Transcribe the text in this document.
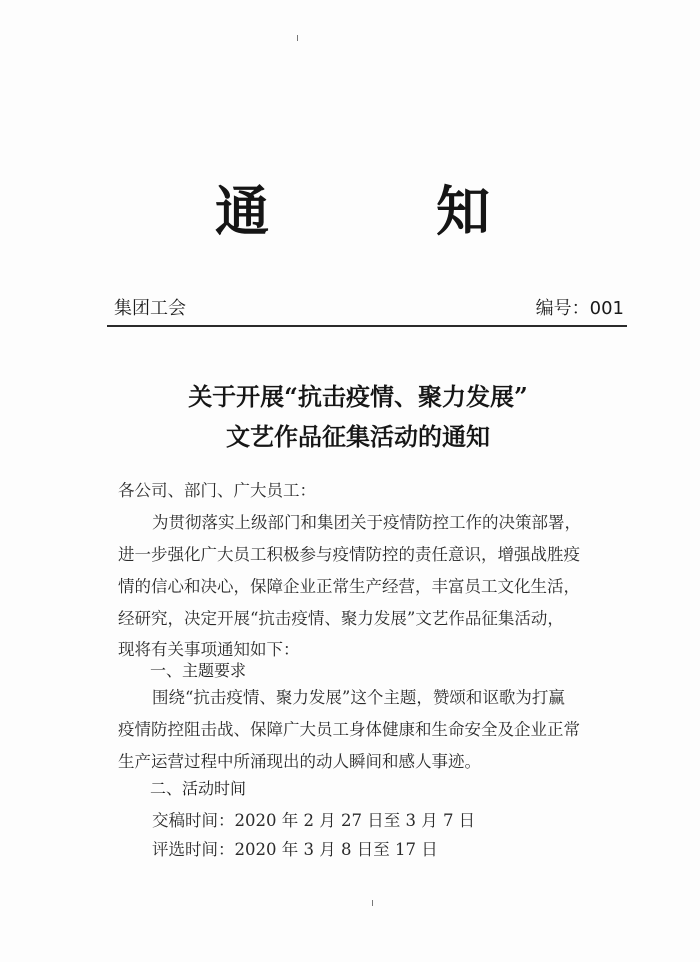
通	知
集团工会	编号：001
关于开展“抗击疫情、聚力发展”
文艺作品征集活动的通知
各公司、部门、广大员工：
为贯彻落实上级部门和集团关于疫情防控工作的决策部署，
进一步强化广大员工积极参与疫情防控的责任意识，增强战胜疫
情的信心和决心，保障企业正常生产经营，丰富员工文化生活，
经研究，决定开展“抗击疫情、聚力发展”文艺作品征集活动，
现将有关事项通知如下：
一、主题要求
围绕“抗击疫情、聚力发展”这个主题，赞颂和讴歌为打赢
疫情防控阻击战、保障广大员工身体健康和生命安全及企业正常
生产运营过程中所涌现出的动人瞬间和感人事迹。
二、活动时间
交稿时间：2020 年 2 月 27 日至 3 月 7 日
评选时间：2020 年 3 月 8 日至 17 日
